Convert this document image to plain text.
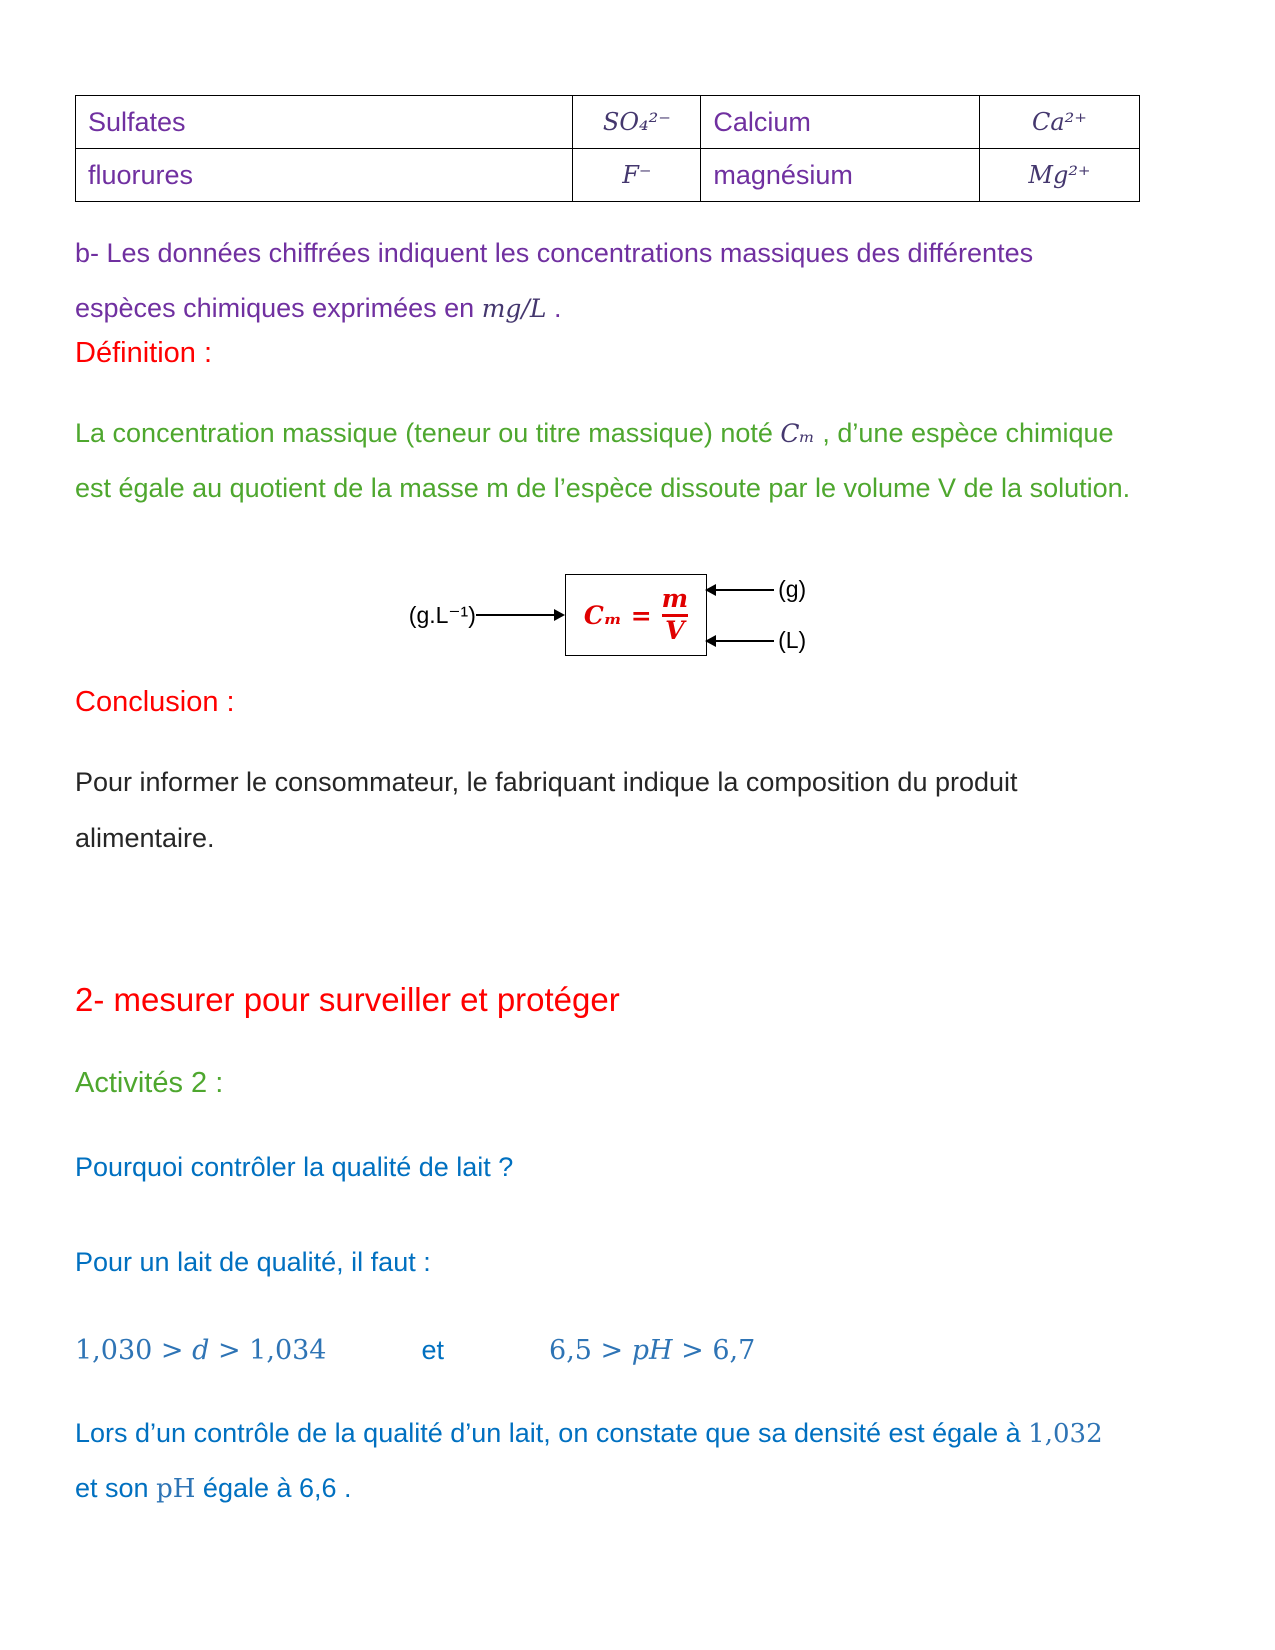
Sulfates	SO₄²⁻	Calcium	Ca²⁺
fluorures	F⁻	magnésium	Mg²⁺

b- Les données chiffrées indiquent les concentrations massiques des différentes espèces chimiques exprimées en mg/L .

Définition :

La concentration massique (teneur ou titre massique) noté Cₘ , d’une espèce chimique est égale au quotient de la masse m de l’espèce dissoute par le volume V de la solution.

(g.L⁻¹)	$C_m = \frac{m}{V}$	(g)
(L)
Conclusion :

Pour informer le consommateur, le fabriquant indique la composition du produit alimentaire.

2- mesurer pour surveiller et protéger
Activités 2 :

Pourquoi contrôler la qualité de lait ?

Pour un lait de qualité, il faut :

1,030 > d > 1,034	et	6,5 > pH > 6,7

Lors d’un contrôle de la qualité d’un lait, on constate que sa densité est égale à 1,032
et son pH égale à 6,6 .
